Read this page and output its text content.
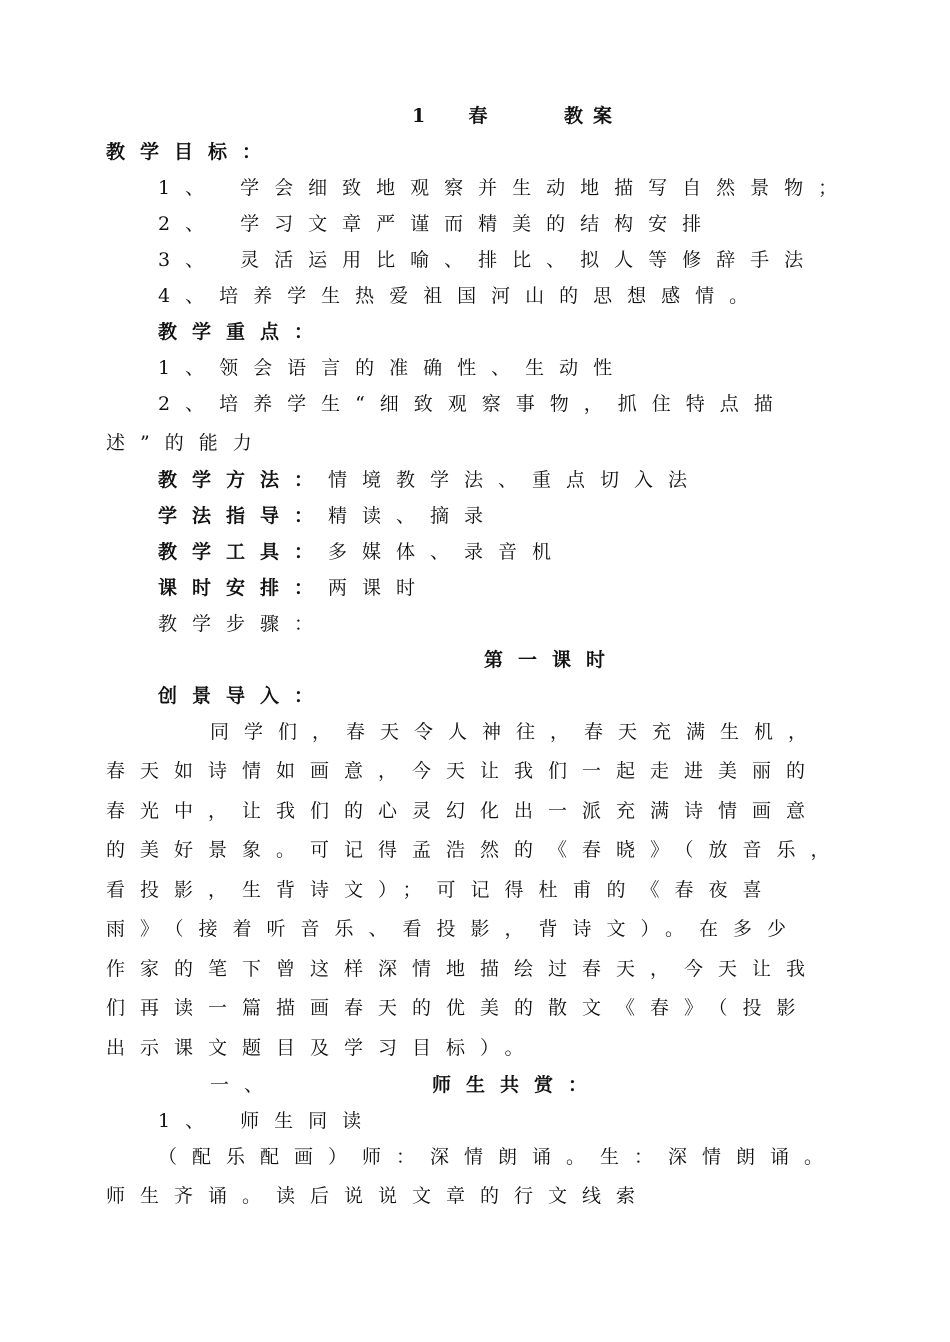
1 春	教案
教学目标：
1、 学会细致地观察并生动地描写自然景物；
2、 学习文章严谨而精美的结构安排
3、 灵活运用比喻、排比、拟人等修辞手法
4、培养学生热爱祖国河山的思想感情。
教学重点：
1、领会语言的准确性、生动性
2、培养学生“细致观察事物，抓住特点描
述”的能力
教学方法：情境教学法、重点切入法
学法指导：精读、摘录
教学工具：多媒体、录音机
课时安排：两课时
教学步骤：
第一课时
创景导入：
同学们，春天令人神往，春天充满生机，
春天如诗情如画意，今天让我们一起走进美丽的
春光中，让我们的心灵幻化出一派充满诗情画意
的美好景象。可记得孟浩然的《春晓》（放音乐，
看投影，生背诗文）；可记得杜甫的《春夜喜
雨》（接着听音乐、看投影，背诗文）。在多少
作家的笔下曾这样深情地描绘过春天，今天让我
们再读一篇描画春天的优美的散文《春》（投影
出示课文题目及学习目标）。
一、	师生共赏：
1、 师生同读
（配乐配画）师：深情朗诵。生：深情朗诵。
师生齐诵。读后说说文章的行文线索
